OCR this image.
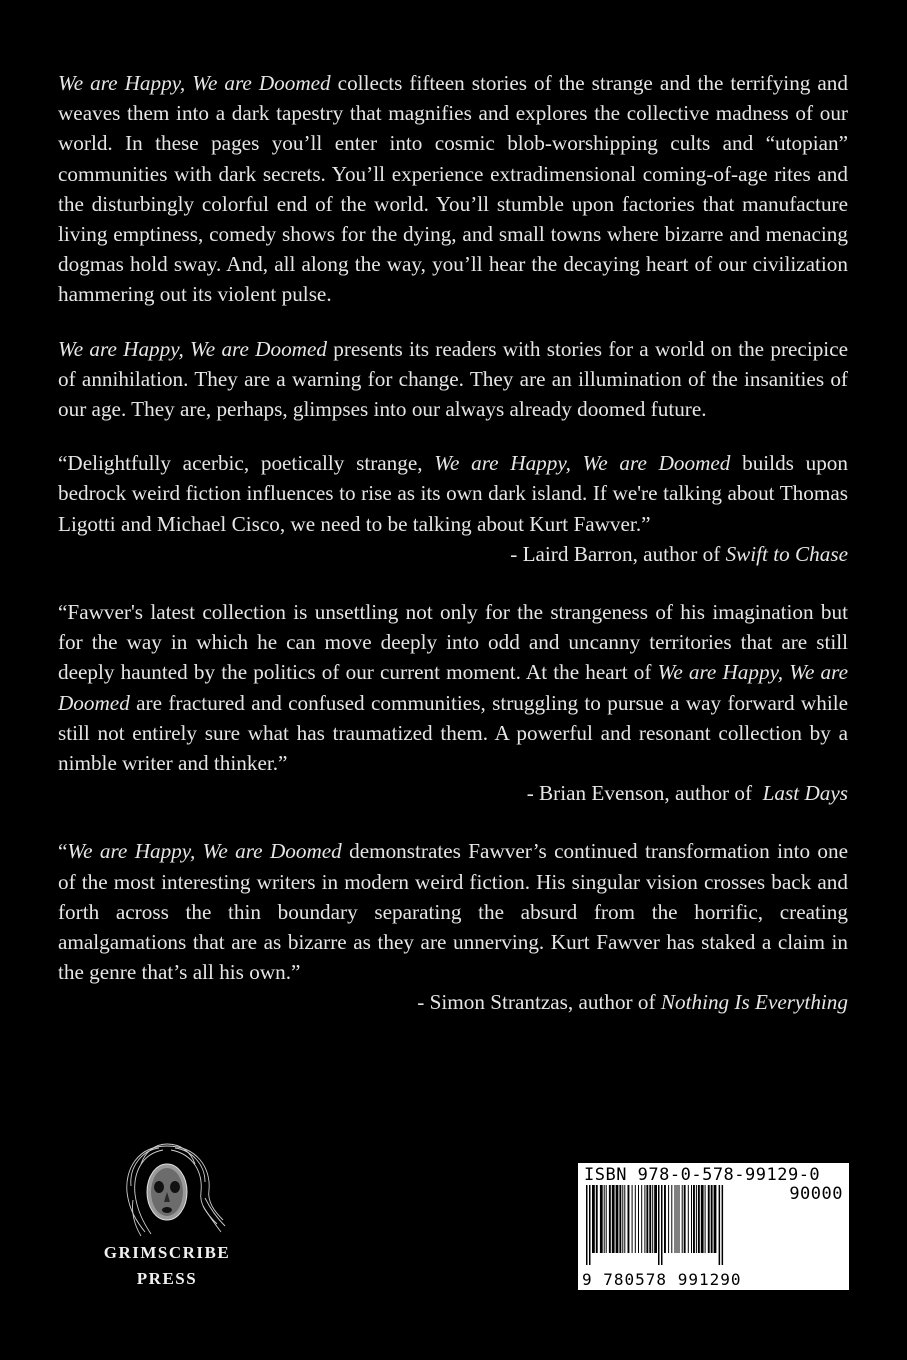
We are Happy, We are Doomed collects fifteen stories of the strange and the terrifying and weaves them into a dark tapestry that magnifies and explores the collective madness of our world. In these pages you’ll enter into cosmic blob-worshipping cults and “utopian” communities with dark secrets. You’ll experience extradimensional coming-of-age rites and the disturbingly colorful end of the world. You’ll stumble upon factories that manufacture living emptiness, comedy shows for the dying, and small towns where bizarre and menacing dogmas hold sway. And, all along the way, you’ll hear the decaying heart of our civilization hammering out its violent pulse.

We are Happy, We are Doomed presents its readers with stories for a world on the precipice of annihilation. They are a warning for change. They are an illumination of the insanities of our age. They are, perhaps, glimpses into our always already doomed future.

“Delightfully acerbic, poetically strange, We are Happy, We are Doomed builds upon bedrock weird fiction influences to rise as its own dark island. If we're talking about Thomas Ligotti and Michael Cisco, we need to be talking about Kurt Fawver.”

- Laird Barron, author of Swift to Chase

“Fawver's latest collection is unsettling not only for the strangeness of his imagination but for the way in which he can move deeply into odd and uncanny territories that are still deeply haunted by the politics of our current moment. At the heart of We are Happy, We are Doomed are fractured and confused communities, struggling to pursue a way forward while still not entirely sure what has traumatized them. A powerful and resonant collection by a nimble writer and thinker.”

- Brian Evenson, author of  Last Days

“We are Happy, We are Doomed demonstrates Fawver’s continued transformation into one of the most interesting writers in modern weird fiction. His singular vision crosses back and forth across the thin boundary separating the absurd from the horrific, creating amalgamations that are as bizarre as they are unnerving. Kurt Fawver has staked a claim in the genre that’s all his own.”

- Simon Strantzas, author of Nothing Is Everything

GRIMSCRIBE
PRESS
ISBN 978-0-578-99129-0
90000
9 780578 991290
